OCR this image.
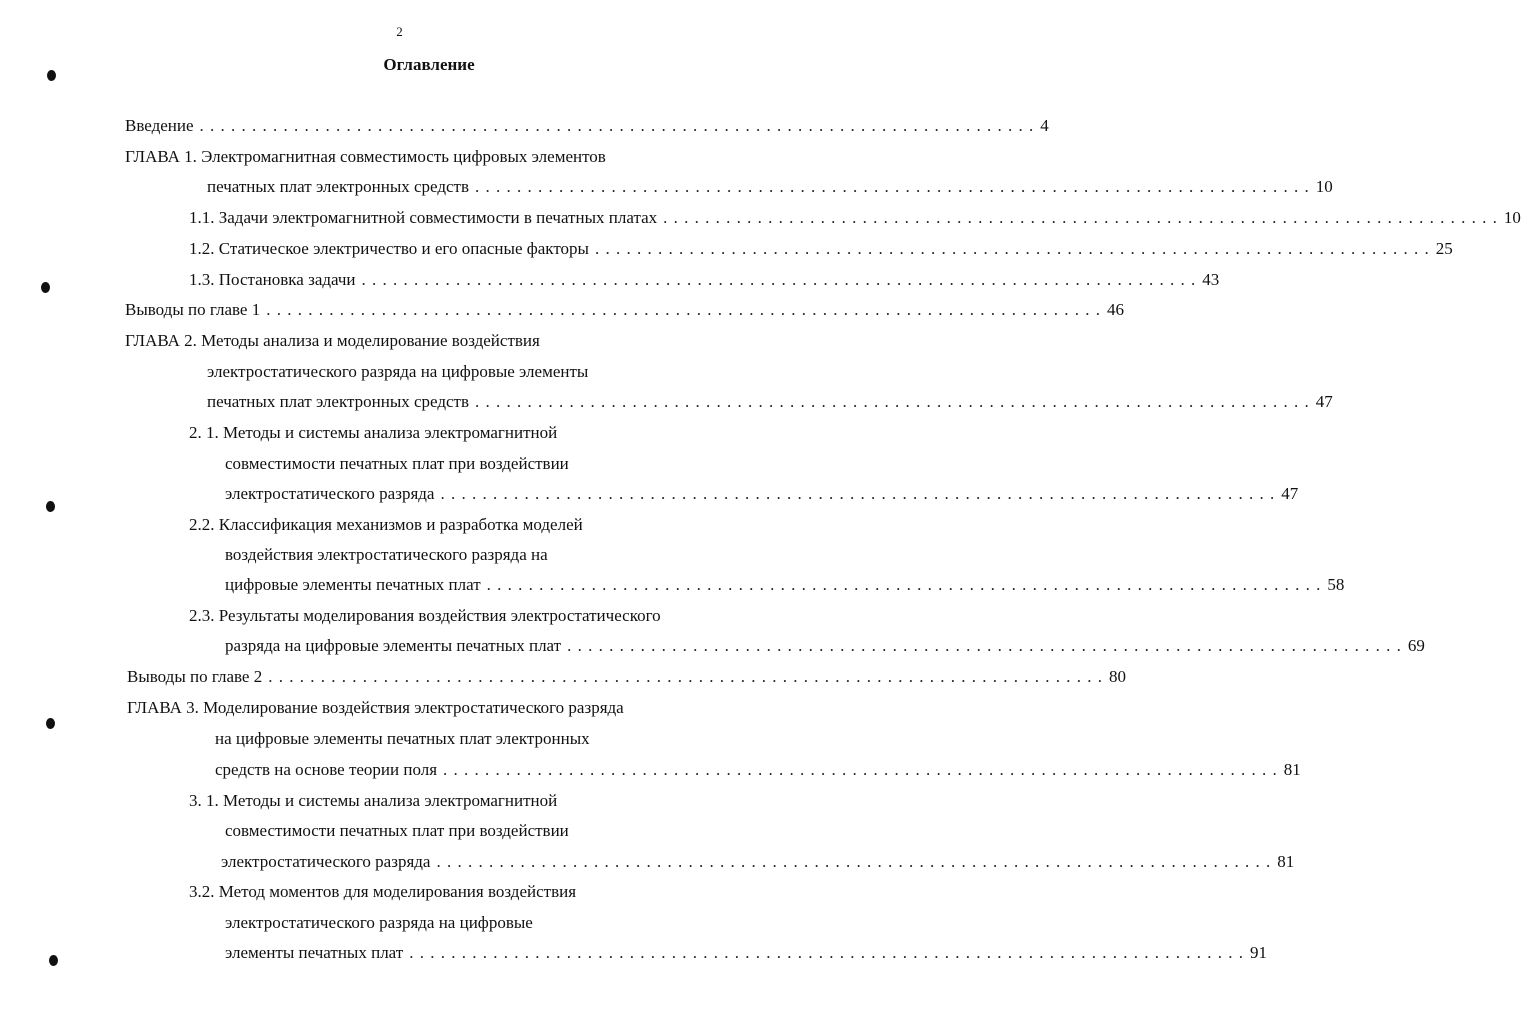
2
Оглавление
Введение . . . . . . . . . . . . . . . . . . . . . . . . . . . . . . . . . . . . . . . . . . . . . . . . . . . . . . . . . . . . . . . . . . . . . . . . . . . . . . . . 4
ГЛАВА 1. Электромагнитная совместимость цифровых элементов
печатных плат электронных средств . . . . . . . . . . . . . . . . . . . . . . . . . . . . . . . . . . . . . . . . . . . . . . . . . . . . . . . . . . . . . . . . . . . . . . . . . . . . . . . . 10
1.1. Задачи электромагнитной совместимости в печатных платах . . . . . . . . . . . . . . . . . . . . . . . . . . . . . . . . . . . . . . . . . . . . . . . . . . . . . . . . . . . . . . . . . . . . . . . . . . . . . . . . 10
1.2. Статическое электричество и его опасные факторы . . . . . . . . . . . . . . . . . . . . . . . . . . . . . . . . . . . . . . . . . . . . . . . . . . . . . . . . . . . . . . . . . . . . . . . . . . . . . . . . 25
1.3. Постановка задачи . . . . . . . . . . . . . . . . . . . . . . . . . . . . . . . . . . . . . . . . . . . . . . . . . . . . . . . . . . . . . . . . . . . . . . . . . . . . . . . . 43
Выводы по главе 1 . . . . . . . . . . . . . . . . . . . . . . . . . . . . . . . . . . . . . . . . . . . . . . . . . . . . . . . . . . . . . . . . . . . . . . . . . . . . . . . . 46
ГЛАВА 2. Методы анализа и моделирование воздействия
электростатического разряда на цифровые элементы
печатных плат электронных средств . . . . . . . . . . . . . . . . . . . . . . . . . . . . . . . . . . . . . . . . . . . . . . . . . . . . . . . . . . . . . . . . . . . . . . . . . . . . . . . . 47
2. 1. Методы и системы анализа электромагнитной
совместимости печатных плат при воздействии
электростатического разряда . . . . . . . . . . . . . . . . . . . . . . . . . . . . . . . . . . . . . . . . . . . . . . . . . . . . . . . . . . . . . . . . . . . . . . . . . . . . . . . . 47
2.2. Классификация механизмов и разработка моделей
воздействия электростатического разряда на
цифровые элементы печатных плат . . . . . . . . . . . . . . . . . . . . . . . . . . . . . . . . . . . . . . . . . . . . . . . . . . . . . . . . . . . . . . . . . . . . . . . . . . . . . . . . 58
2.3. Результаты моделирования воздействия электростатического
разряда на цифровые элементы печатных плат . . . . . . . . . . . . . . . . . . . . . . . . . . . . . . . . . . . . . . . . . . . . . . . . . . . . . . . . . . . . . . . . . . . . . . . . . . . . . . . . 69
Выводы по главе 2 . . . . . . . . . . . . . . . . . . . . . . . . . . . . . . . . . . . . . . . . . . . . . . . . . . . . . . . . . . . . . . . . . . . . . . . . . . . . . . . . 80
ГЛАВА 3. Моделирование воздействия электростатического разряда
на цифровые элементы печатных плат электронных
средств на основе теории поля . . . . . . . . . . . . . . . . . . . . . . . . . . . . . . . . . . . . . . . . . . . . . . . . . . . . . . . . . . . . . . . . . . . . . . . . . . . . . . . . 81
3. 1. Методы и системы анализа электромагнитной
совместимости печатных плат при воздействии
электростатического разряда . . . . . . . . . . . . . . . . . . . . . . . . . . . . . . . . . . . . . . . . . . . . . . . . . . . . . . . . . . . . . . . . . . . . . . . . . . . . . . . . 81
3.2. Метод моментов для моделирования воздействия
электростатического разряда на цифровые
элементы печатных плат . . . . . . . . . . . . . . . . . . . . . . . . . . . . . . . . . . . . . . . . . . . . . . . . . . . . . . . . . . . . . . . . . . . . . . . . . . . . . . . . 91
